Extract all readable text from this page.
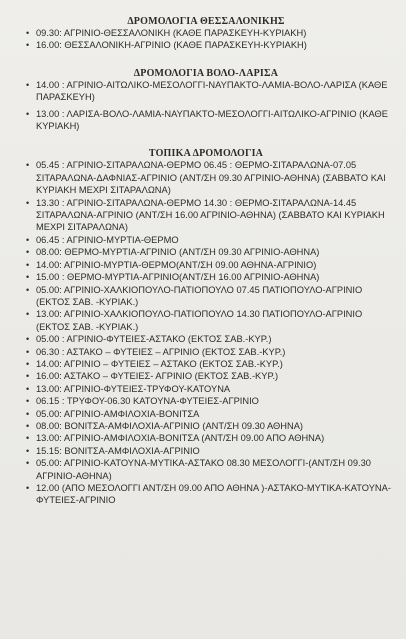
ΔΡΟΜΟΛΟΓΙΑ ΘΕΣΣΑΛΟΝΙΚΗΣ
• 09.30: ΑΓΡΙΝΙΟ-ΘΕΣΣΑΛΟΝΙΚΗ (ΚΑΘΕ ΠΑΡΑΣΚΕΥΗ-ΚΥΡΙΑΚΗ)
• 16.00: ΘΕΣΣΑΛΟΝΙΚΗ-ΑΓΡΙΝΙΟ (ΚΑΘΕ ΠΑΡΑΣΚΕΥΗ-ΚΥΡΙΑΚΗ)
ΔΡΟΜΟΛΟΓΙΑ ΒΟΛΟ-ΛΑΡΙΣΑ
• 14.00 : ΑΓΡΙΝΙΟ-ΑΙΤΩΛΙΚΟ-ΜΕΣΟΛΟΓΓΙ-ΝΑΥΠΑΚΤΟ-ΛΑΜΙΑ-ΒΟΛΟ-ΛΑΡΙΣΑ (ΚΑΘΕ ΠΑΡΑΣΚΕΥΗ)
• 13.00 : ΛΑΡΙΣΑ-ΒΟΛΟ-ΛΑΜΙΑ-ΝΑΥΠΑΚΤΟ-ΜΕΣΟΛΟΓΓΙ-ΑΙΤΩΛΙΚΟ-ΑΓΡΙΝΙΟ (ΚΑΘΕ ΚΥΡΙΑΚΗ)
ΤΟΠΙΚΑ ΔΡΟΜΟΛΟΓΙΑ
• 05.45 : ΑΓΡΙΝΙΟ-ΣΙΤΑΡΑΛΩΝΑ-ΘΕΡΜΟ 06.45 : ΘΕΡΜΟ-ΣΙΤΑΡΑΛΩΝΑ-07.05 ΣΙΤΑΡΑΛΩΝΑ-ΔΑΦΝΙΑΣ-ΑΓΡΙΝΙΟ (ΑΝΤ/ΣΗ 09.30 ΑΓΡΙΝΙΟ-ΑΘΗΝΑ) (ΣΑΒΒΑΤΟ ΚΑΙ ΚΥΡΙΑΚΗ ΜΕΧΡΙ ΣΙΤΑΡΑΛΩΝΑ)
• 13.30 : ΑΓΡΙΝΙΟ-ΣΙΤΑΡΑΛΩΝΑ-ΘΕΡΜΟ 14.30 : ΘΕΡΜΟ-ΣΙΤΑΡΑΛΩΝΑ-14.45 ΣΙΤΑΡΑΛΩΝΑ-ΑΓΡΙΝΙΟ (ΑΝΤ/ΣΗ 16.00 ΑΓΡΙΝΙΟ-ΑΘΗΝΑ) (ΣΑΒΒΑΤΟ ΚΑΙ ΚΥΡΙΑΚΗ ΜΕΧΡΙ ΣΙΤΑΡΑΛΩΝΑ)
• 06.45 : ΑΓΡΙΝΙΟ-ΜΥΡΤΙΑ-ΘΕΡΜΟ
• 08.00: ΘΕΡΜΟ-ΜΥΡΤΙΑ-ΑΓΡΙΝΙΟ (ΑΝΤ/ΣΗ 09.30 ΑΓΡΙΝΙΟ-ΑΘΗΝΑ)
• 14.00: ΑΓΡΙΝΙΟ-ΜΥΡΤΙΑ-ΘΕΡΜΟ(ΑΝΤ/ΣΗ 09.00 ΑΘΗΝΑ-ΑΓΡΙΝΙΟ)
• 15.00 : ΘΕΡΜΟ-ΜΥΡΤΙΑ-ΑΓΡΙΝΙΟ(ΑΝΤ/ΣΗ 16.00 ΑΓΡΙΝΙΟ-ΑΘΗΝΑ)
• 05.00: ΑΓΡΙΝΙΟ-ΧΑΛΚΙΟΠΟΥΛΟ-ΠΑΤΙΟΠΟΥΛΟ 07.45 ΠΑΤΙΟΠΟΥΛΟ-ΑΓΡΙΝΙΟ (ΕΚΤΟΣ ΣΑΒ. -ΚΥΡΙΑΚ.)
• 13.00: ΑΓΡΙΝΙΟ-ΧΑΛΚΙΟΠΟΥΛΟ-ΠΑΤΙΟΠΟΥΛΟ 14.30 ΠΑΤΙΟΠΟΥΛΟ-ΑΓΡΙΝΙΟ (ΕΚΤΟΣ ΣΑΒ. -ΚΥΡΙΑΚ.)
• 05.00 : ΑΓΡΙΝΙΟ-ΦΥΤΕΙΕΣ-ΑΣΤΑΚΟ (ΕΚΤΟΣ ΣΑΒ.-ΚΥΡ.)
• 06.30 : ΑΣΤΑΚΟ – ΦΥΤΕΙΕΣ – ΑΓΡΙΝΙΟ (ΕΚΤΟΣ ΣΑΒ.-ΚΥΡ.)
• 14.00: ΑΓΡΙΝΙΟ – ΦΥΤΕΙΕΣ – ΑΣΤΑΚΟ (ΕΚΤΟΣ ΣΑΒ.-ΚΥΡ.)
• 16.00: ΑΣΤΑΚΟ – ΦΥΤΕΙΕΣ- ΑΓΡΙΝΙΟ (ΕΚΤΟΣ ΣΑΒ.-ΚΥΡ.)
• 13.00: ΑΓΡΙΝΙΟ-ΦΥΤΕΙΕΣ-ΤΡΥΦΟΥ-ΚΑΤΟΥΝΑ
• 06.15 : ΤΡΥΦΟΥ-06.30 ΚΑΤΟΥΝΑ-ΦΥΤΕΙΕΣ-ΑΓΡΙΝΙΟ
• 05.00: ΑΓΡΙΝΙΟ-ΑΜΦΙΛΟΧΙΑ-ΒΟΝΙΤΣΑ
• 08.00: ΒΟΝΙΤΣΑ-ΑΜΦΙΛΟΧΙΑ-ΑΓΡΙΝΙΟ (ΑΝΤ/ΣΗ 09.30 ΑΘΗΝΑ)
• 13.00: ΑΓΡΙΝΙΟ-ΑΜΦΙΛΟΧΙΑ-ΒΟΝΙΤΣΑ (ΑΝΤ/ΣΗ 09.00 ΑΠΟ ΑΘΗΝΑ)
• 15.15: ΒΟΝΙΤΣΑ-ΑΜΦΙΛΟΧΙΑ-ΑΓΡΙΝΙΟ
• 05.00: ΑΓΡΙΝΙΟ-ΚΑΤΟΥΝΑ-ΜΥΤΙΚΑ-ΑΣΤΑΚΟ 08.30 ΜΕΣΟΛΟΓΓΙ-(ΑΝΤ/ΣΗ 09.30 ΑΓΡΙΝΙΟ-ΑΘΗΝΑ)
• 12.00 (ΑΠΟ ΜΕΣΟΛΟΓΓΙ ΑΝΤ/ΣΗ 09.00 ΑΠΟ ΑΘΗΝΑ )-ΑΣΤΑΚΟ-ΜΥΤΙΚΑ-ΚΑΤΟΥΝΑ-ΦΥΤΕΙΕΣ-ΑΓΡΙΝΙΟ
